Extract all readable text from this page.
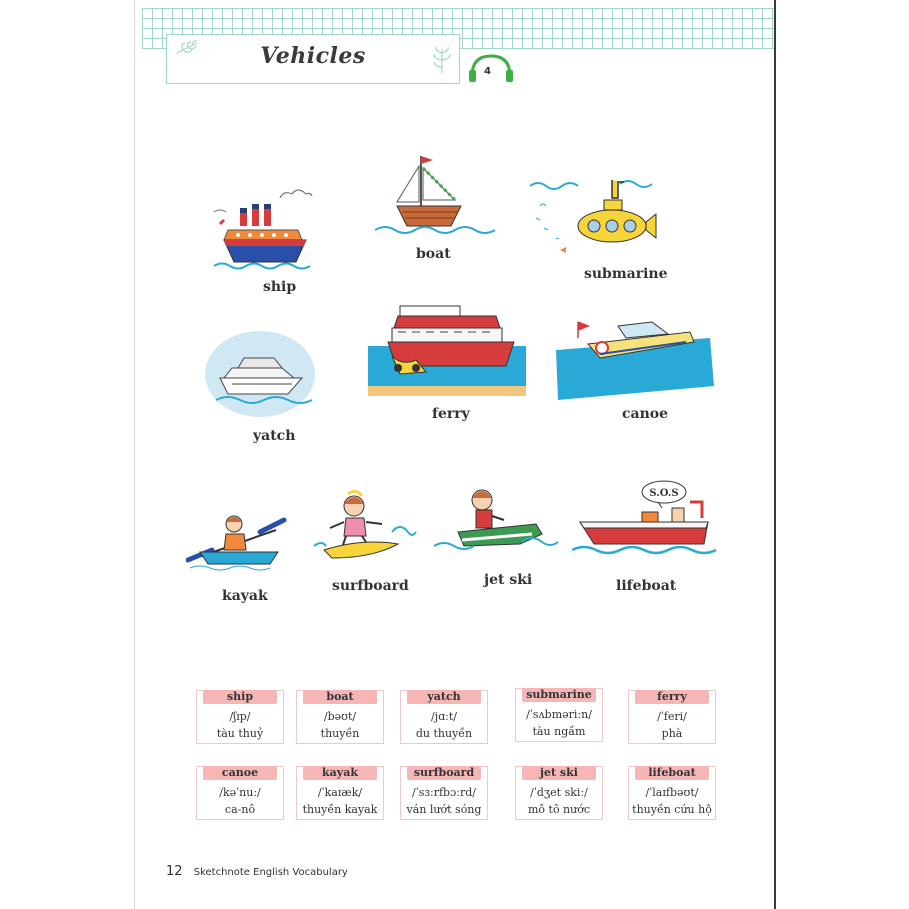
Vehicles
4
ship
boat
submarine
yatch
ferry	canoe
kayak
surfboard	jet ski
S.O.S
lifeboat
ship
/ʃɪp/
tàu thuỷ
boat
/bəʊt/
thuyền
yatch
/jɑːt/
du thuyền
submarine
/ˈsʌbməriːn/
tàu ngầm
ferry
/ˈferi/
phà
canoe
/kəˈnuː/
ca-nô
kayak
/ˈkaɪæk/
thuyền kayak
surfboard
/ˈsɜːrfbɔːrd/
ván lướt sóng
jet ski
/ˈdʒet skiː/
mô tô nước
lifeboat
/ˈlaɪfbəʊt/
thuyền cứu hộ
12 Sketchnote English Vocabulary
